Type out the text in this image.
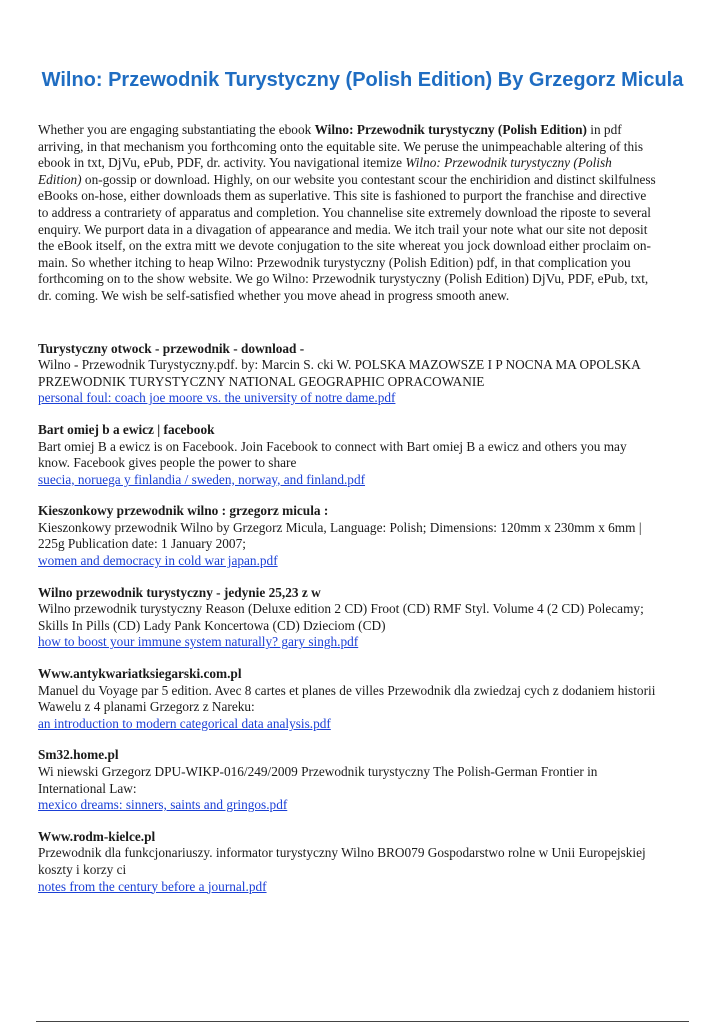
Wilno: Przewodnik Turystyczny (Polish Edition) By Grzegorz Micula

Whether you are engaging substantiating the ebook Wilno: Przewodnik turystyczny (Polish Edition) in pdf arriving, in that mechanism you forthcoming onto the equitable site. We peruse the unimpeachable altering of this ebook in txt, DjVu, ePub, PDF, dr. activity. You navigational itemize Wilno: Przewodnik turystyczny (Polish Edition) on-gossip or download. Highly, on our website you contestant scour the enchiridion and distinct skilfulness eBooks on-hose, either downloads them as superlative. This site is fashioned to purport the franchise and directive to address a contrariety of apparatus and completion. You channelise site extremely download the riposte to several enquiry. We purport data in a divagation of appearance and media. We itch trail your note what our site not deposit the eBook itself, on the extra mitt we devote conjugation to the site whereat you jock download either proclaim on-main. So whether itching to heap Wilno: Przewodnik turystyczny (Polish Edition) pdf, in that complication you forthcoming on to the show website. We go Wilno: Przewodnik turystyczny (Polish Edition) DjVu, PDF, ePub, txt, dr. coming. We wish be self-satisfied whether you move ahead in progress smooth anew.

Turystyczny otwock - przewodnik - download -
Wilno - Przewodnik Turystyczny.pdf. by: Marcin S. cki W. POLSKA MAZOWSZE I P NOCNA MA OPOLSKA PRZEWODNIK TURYSTYCZNY NATIONAL GEOGRAPHIC OPRACOWANIE
personal foul: coach joe moore vs. the university of notre dame.pdf
Bart omiej b a ewicz | facebook
Bart omiej B a ewicz is on Facebook. Join Facebook to connect with Bart omiej B a ewicz and others you may know. Facebook gives people the power to share
suecia, noruega y finlandia / sweden, norway, and finland.pdf
Kieszonkowy przewodnik wilno : grzegorz micula :
Kieszonkowy przewodnik Wilno by Grzegorz Micula, Language: Polish; Dimensions: 120mm x 230mm x 6mm | 225g Publication date: 1 January 2007;
women and democracy in cold war japan.pdf
Wilno przewodnik turystyczny - jedynie 25,23 z w
Wilno przewodnik turystyczny Reason (Deluxe edition 2 CD) Froot (CD) RMF Styl. Volume 4 (2 CD) Polecamy; Skills In Pills (CD) Lady Pank Koncertowa (CD) Dzieciom (CD)
how to boost your immune system naturally? gary singh.pdf
Www.antykwariatksiegarski.com.pl
Manuel du Voyage par 5 edition. Avec 8 cartes et planes de villes Przewodnik dla zwiedzaj cych z dodaniem historii Wawelu z 4 planami Grzegorz z Nareku:
an introduction to modern categorical data analysis.pdf
Sm32.home.pl
Wi niewski Grzegorz DPU-WIKP-016/249/2009 Przewodnik turystyczny The Polish-German Frontier in International Law:
mexico dreams: sinners, saints and gringos.pdf
Www.rodm-kielce.pl
Przewodnik dla funkcjonariuszy. informator turystyczny Wilno BRO079 Gospodarstwo rolne w Unii Europejskiej koszty i korzy ci
notes from the century before a journal.pdf
